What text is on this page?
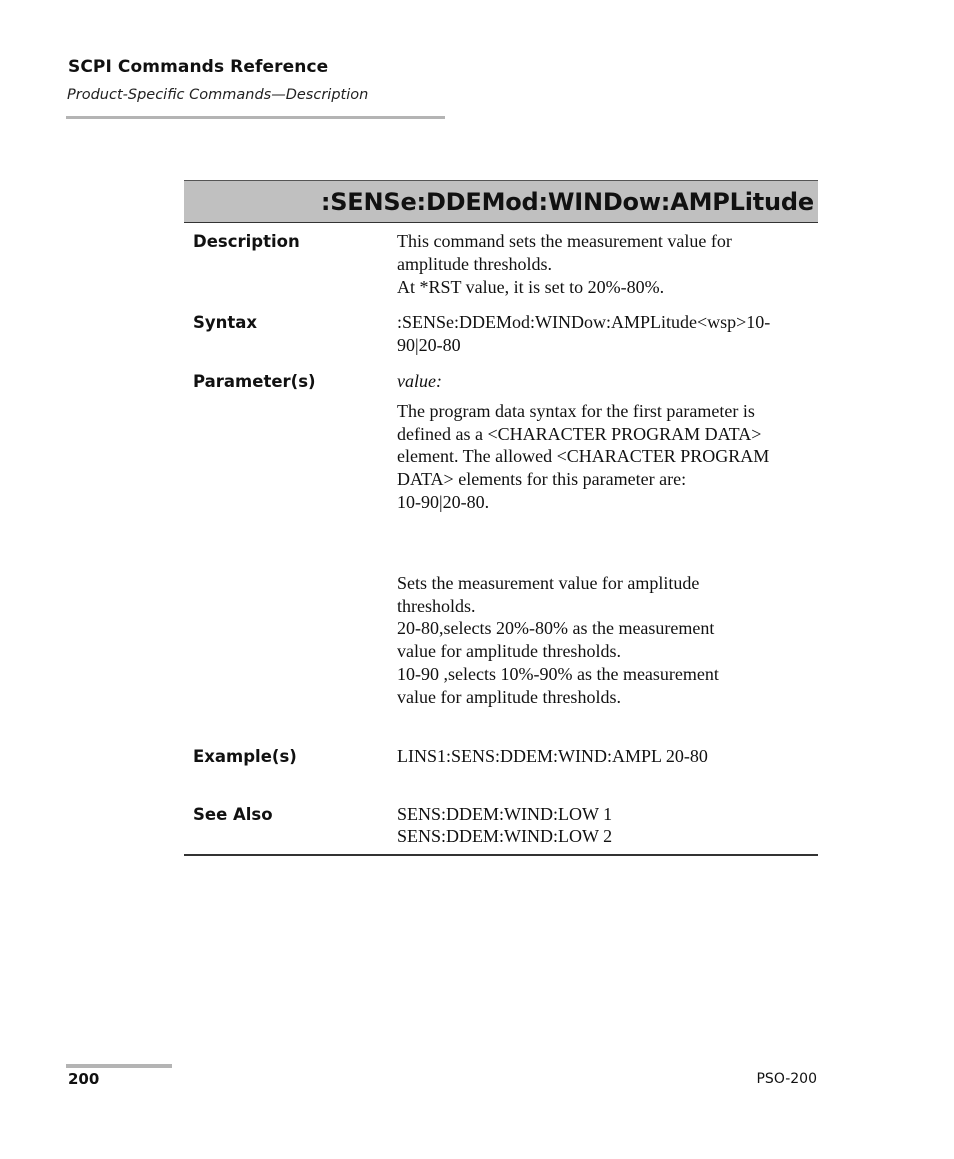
SCPI Commands Reference
Product-Specific Commands—Description
:SENSe:DDEMod:WINDow:AMPLitude
Description	This command sets the measurement value for

amplitude thresholds.

At *RST value, it is set to 20%-80%.

Syntax	:SENSe:DDEMod:WINDow:AMPLitude<wsp>10-

90|20-80

Parameter(s)	value:

The program data syntax for the first parameter is

defined as a <CHARACTER PROGRAM DATA>

element. The allowed <CHARACTER PROGRAM

DATA> elements for this parameter are:

10-90|20-80.

Sets the measurement value for amplitude

thresholds.

20-80,selects 20%-80% as the measurement

value for amplitude thresholds.

10-90 ,selects 10%-90% as the measurement

value for amplitude thresholds.

Example(s)	LINS1:SENS:DDEM:WIND:AMPL 20-80

See Also	SENS:DDEM:WIND:LOW 1

SENS:DDEM:WIND:LOW 2

200	PSO-200
